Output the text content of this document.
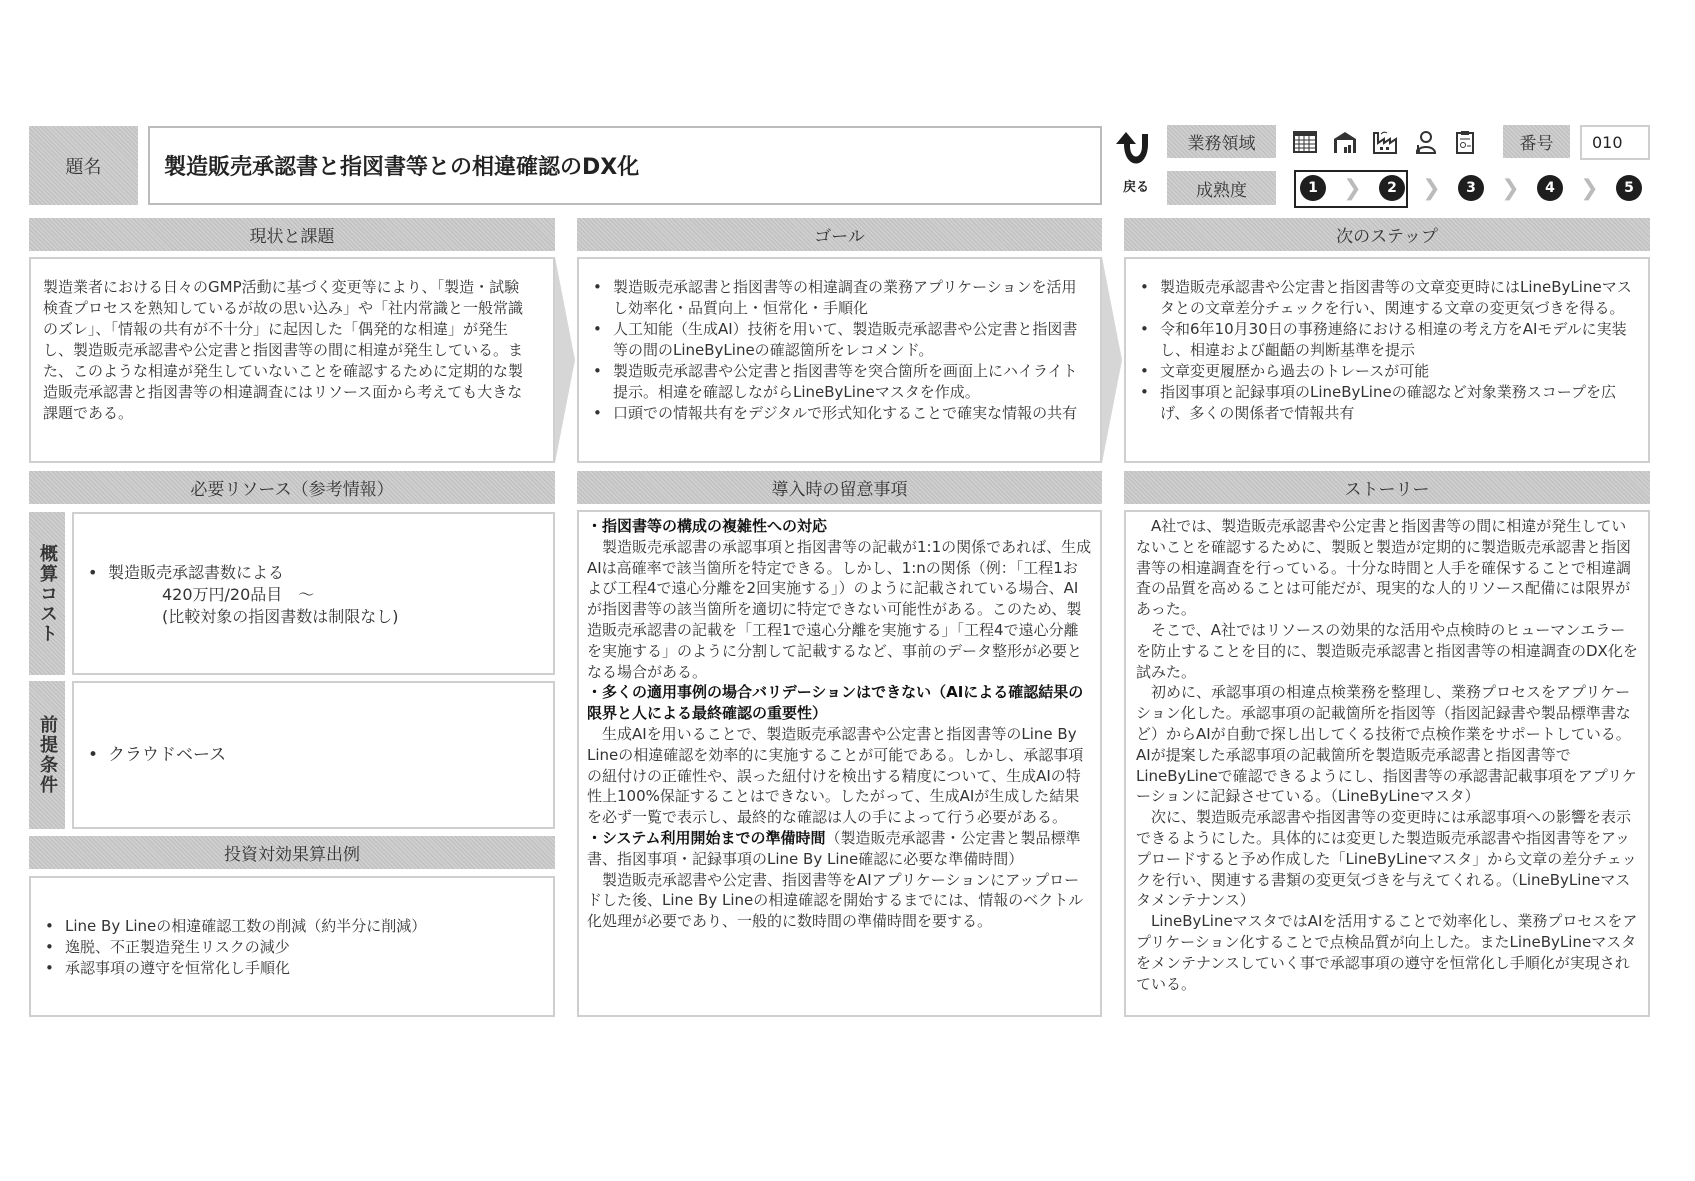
題名	製造販売承認書と指図書等との相違確認のDX化
戻る
業務領域	番号	010
成熟度	1	❯	2	❯	3	❯	4	❯	5
現状と課題	ゴール	次のステップ
製造業者における日々のGMP活動に基づく変更等により、「製造・試験検査プロセスを熟知しているが故の思い込み」や「社内常識と一般常識のズレ」、「情報の共有が不十分」に起因した「偶発的な相違」が発生し、製造販売承認書や公定書と指図書等の間に相違が発生している。また、このような相違が発生していないことを確認するために定期的な製造販売承認書と指図書等の相違調査にはリソース面から考えても大きな課題である。
• 製造販売承認書と指図書等の相違調査の業務アプリケーションを活用し効率化・品質向上・恒常化・手順化
• 人工知能（生成AI）技術を用いて、製造販売承認書や公定書と指図書等の間のLineByLineの確認箇所をレコメンド。
• 製造販売承認書や公定書と指図書等を突合箇所を画面上にハイライト提示。相違を確認しながらLineByLineマスタを作成。
• 口頭での情報共有をデジタルで形式知化することで確実な情報の共有
• 製造販売承認書や公定書と指図書等の文章変更時にはLineByLineマスタとの文章差分チェックを行い、関連する文章の変更気づきを得る。
• 令和6年10月30日の事務連絡における相違の考え方をAIモデルに実装し、相違および齟齬の判断基準を提示
• 文章変更履歴から過去のトレースが可能
• 指図事項と記録事項のLineByLineの確認など対象業務スコープを広げ、多くの関係者で情報共有
必要リソース（参考情報）
概算コスト	• 製造販売承認書数による
420万円/20品目　～
(比較対象の指図書数は制限なし)
前提条件	• クラウドベース
投資対効果算出例
• Line By Lineの相違確認工数の削減（約半分に削減）
• 逸脱、不正製造発生リスクの減少
• 承認事項の遵守を恒常化し手順化
導入時の留意事項
・指図書等の構成の複雑性への対応
製造販売承認書の承認事項と指図書等の記載が1:1の関係であれば、生成AIは高確率で該当箇所を特定できる。しかし、1:nの関係（例：「工程1および工程4で遠心分離を2回実施する」）のように記載されている場合、AIが指図書等の該当箇所を適切に特定できない可能性がある。このため、製造販売承認書の記載を「工程1で遠心分離を実施する」「工程4で遠心分離を実施する」のように分割して記載するなど、事前のデータ整形が必要となる場合がある。
・多くの適用事例の場合バリデーションはできない（AIによる確認結果の限界と人による最終確認の重要性）
生成AIを用いることで、製造販売承認書や公定書と指図書等のLine By Lineの相違確認を効率的に実施することが可能である。しかし、承認事項の紐付けの正確性や、誤った紐付けを検出する精度について、生成AIの特性上100%保証することはできない。したがって、生成AIが生成した結果を必ず一覧で表示し、最終的な確認は人の手によって行う必要がある。
・システム利用開始までの準備時間（製造販売承認書・公定書と製品標準書、指図事項・記録事項のLine By Line確認に必要な準備時間）
製造販売承認書や公定書、指図書等をAIアプリケーションにアップロードした後、Line By Lineの相違確認を開始するまでには、情報のベクトル化処理が必要であり、一般的に数時間の準備時間を要する。
ストーリー
A社では、製造販売承認書や公定書と指図書等の間に相違が発生していないことを確認するために、製販と製造が定期的に製造販売承認書と指図書等の相違調査を行っている。十分な時間と人手を確保することで相違調査の品質を高めることは可能だが、現実的な人的リソース配備には限界があった。
そこで、A社ではリソースの効果的な活用や点検時のヒューマンエラーを防止することを目的に、製造販売承認書と指図書等の相違調査のDX化を試みた。
初めに、承認事項の相違点検業務を整理し、業務プロセスをアプリケーション化した。承認事項の記載箇所を指図等（指図記録書や製品標準書など）からAIが自動で探し出してくる技術で点検作業をサポートしている。AIが提案した承認事項の記載箇所を製造販売承認書と指図書等でLineByLineで確認できるようにし、指図書等の承認書記載事項をアプリケーションに記録させている。（LineByLineマスタ）
次に、製造販売承認書や指図書等の変更時には承認事項への影響を表示できるようにした。具体的には変更した製造販売承認書や指図書等をアップロードすると予め作成した「LineByLineマスタ」から文章の差分チェックを行い、関連する書類の変更気づきを与えてくれる。（LineByLineマスタメンテナンス）
LineByLineマスタではAIを活用することで効率化し、業務プロセスをアプリケーション化することで点検品質が向上した。またLineByLineマスタをメンテナンスしていく事で承認事項の遵守を恒常化し手順化が実現されている。
